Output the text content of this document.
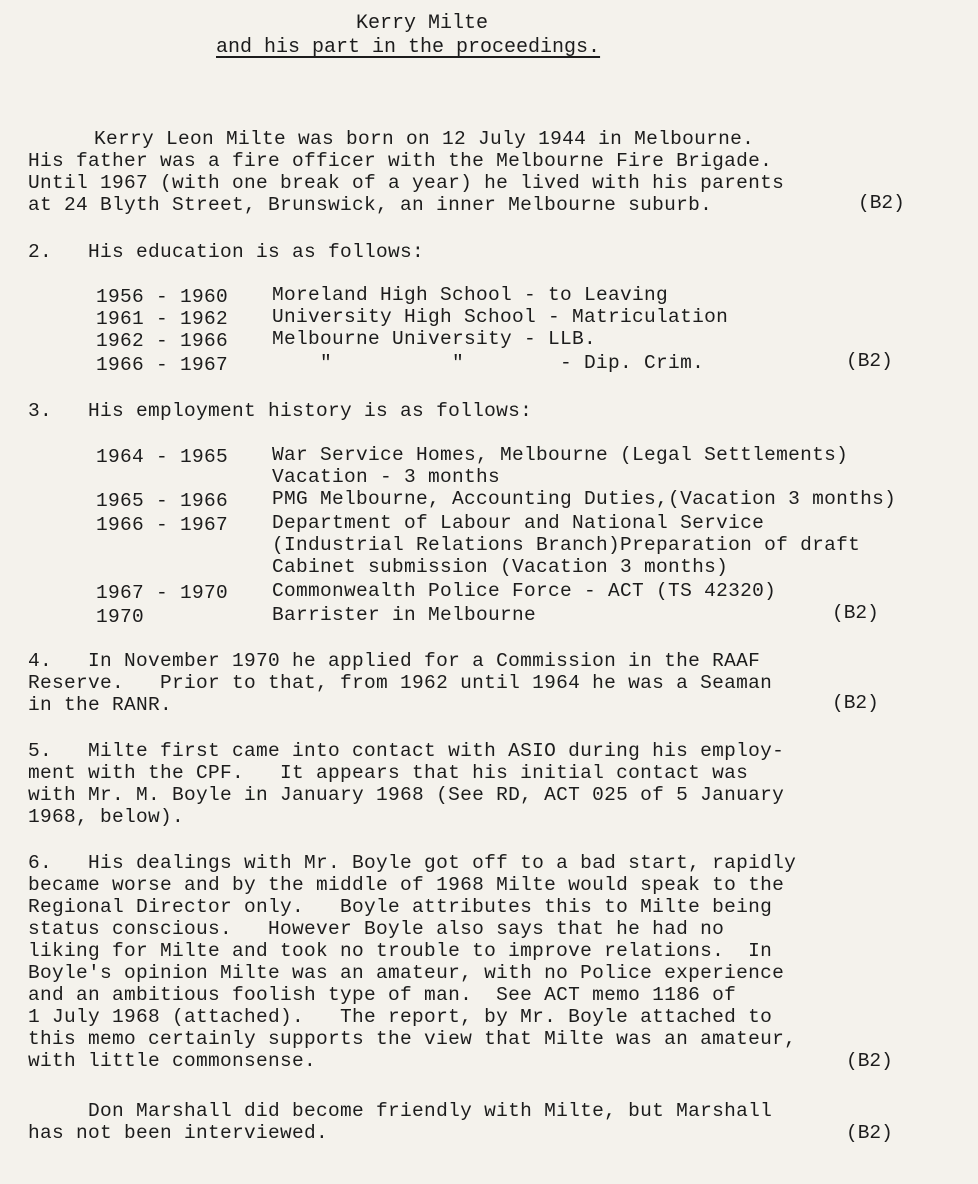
Kerry Milte
and his part in the proceedings.
Kerry Leon Milte was born on 12 July 1944 in Melbourne.
His father was a fire officer with the Melbourne Fire Brigade.
Until 1967 (with one break of a year) he lived with his parents
at 24 Blyth Street, Brunswick, an inner Melbourne suburb.	(B2)
2.   His education is as follows:
1956 - 1960 Moreland High School - to Leaving
1961 - 1962 University High School - Matriculation
1962 - 1966 Melbourne University - LLB.
1966 - 1967 "          "        - Dip. Crim.	(B2)
3.   His employment history is as follows:
1964 - 1965 War Service Homes, Melbourne (Legal Settlements)
Vacation - 3 months
1965 - 1966 PMG Melbourne, Accounting Duties,(Vacation 3 months)
1966 - 1967 Department of Labour and National Service
(Industrial Relations Branch)Preparation of draft
Cabinet submission (Vacation 3 months)
1967 - 1970 Commonwealth Police Force - ACT (TS 42320)
1970	Barrister in Melbourne	(B2)
4.   In November 1970 he applied for a Commission in the RAAF
Reserve.   Prior to that, from 1962 until 1964 he was a Seaman
in the RANR.	(B2)
5.   Milte first came into contact with ASIO during his employ-
ment with the CPF.   It appears that his initial contact was
with Mr. M. Boyle in January 1968 (See RD, ACT 025 of 5 January
1968, below).
6.   His dealings with Mr. Boyle got off to a bad start, rapidly
became worse and by the middle of 1968 Milte would speak to the
Regional Director only.   Boyle attributes this to Milte being
status conscious.   However Boyle also says that he had no
liking for Milte and took no trouble to improve relations.  In
Boyle's opinion Milte was an amateur, with no Police experience
and an ambitious foolish type of man.  See ACT memo 1186 of
1 July 1968 (attached).   The report, by Mr. Boyle attached to
this memo certainly supports the view that Milte was an amateur,
with little commonsense.	(B2)
Don Marshall did become friendly with Milte, but Marshall
has not been interviewed.	(B2)
